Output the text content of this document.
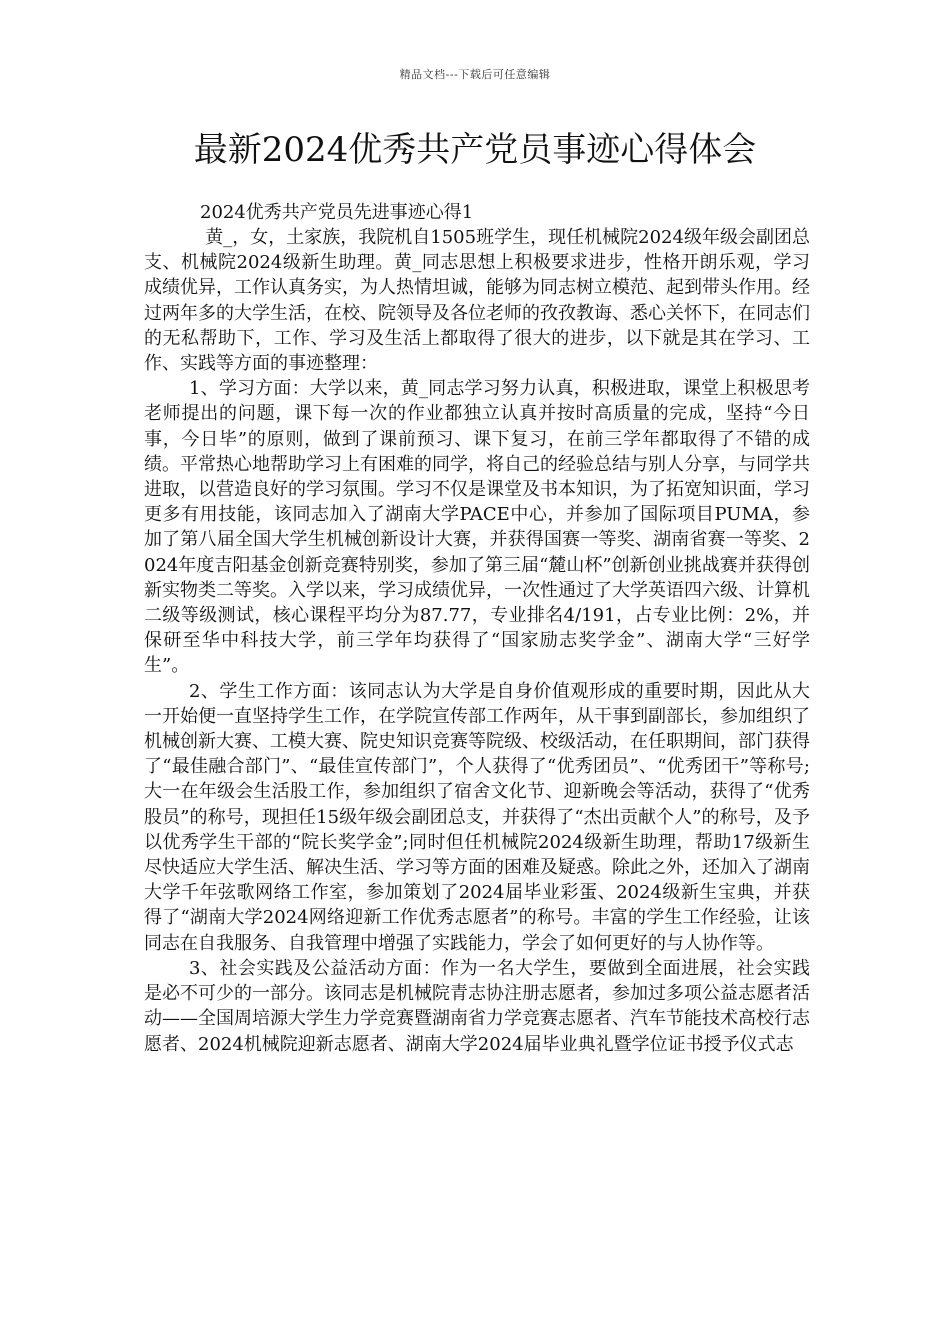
精品文档---下载后可任意编辑
最新2024优秀共产党员事迹心得体会

2024优秀共产党员先进事迹心得1

黄_，女，土家族，我院机自1505班学生，现任机械院2024级年级会副团总支、机械院2024级新生助理。黄_同志思想上积极要求进步，性格开朗乐观，学习成绩优异，工作认真务实，为人热情坦诚，能够为同志树立模范、起到带头作用。经过两年多的大学生活，在校、院领导及各位老师的孜孜教诲、悉心关怀下，在同志们的无私帮助下，工作、学习及生活上都取得了很大的进步，以下就是其在学习、工作、实践等方面的事迹整理：

1、学习方面：大学以来，黄_同志学习努力认真，积极进取，课堂上积极思考老师提出的问题，课下每一次的作业都独立认真并按时高质量的完成，坚持“今日事，今日毕”的原则，做到了课前预习、课下复习，在前三学年都取得了不错的成绩。平常热心地帮助学习上有困难的同学，将自己的经验总结与别人分享，与同学共进取，以营造良好的学习氛围。学习不仅是课堂及书本知识，为了拓宽知识面，学习更多有用技能，该同志加入了湖南大学PACE中心，并参加了国际项目PUMA，参加了第八届全国大学生机械创新设计大赛，并获得国赛一等奖、湖南省赛一等奖、2024年度吉阳基金创新竞赛特别奖，参加了第三届“麓山杯”创新创业挑战赛并获得创新实物类二等奖。入学以来，学习成绩优异，一次性通过了大学英语四六级、计算机二级等级测试，核心课程平均分为87.77，专业排名4/191，占专业比例：2%，并保研至华中科技大学，前三学年均获得了“国家励志奖学金”、湖南大学“三好学生”。

2、学生工作方面：该同志认为大学是自身价值观形成的重要时期，因此从大一开始便一直坚持学生工作，在学院宣传部工作两年，从干事到副部长，参加组织了机械创新大赛、工模大赛、院史知识竞赛等院级、校级活动，在任职期间，部门获得了“最佳融合部门”、“最佳宣传部门”，个人获得了“优秀团员”、“优秀团干”等称号;大一在年级会生活股工作，参加组织了宿舍文化节、迎新晚会等活动，获得了“优秀股员”的称号，现担任15级年级会副团总支，并获得了“杰出贡献个人”的称号，及予以优秀学生干部的“院长奖学金”;同时但任机械院2024级新生助理，帮助17级新生尽快适应大学生活、解决生活、学习等方面的困难及疑惑。除此之外，还加入了湖南大学千年弦歌网络工作室，参加策划了2024届毕业彩蛋、2024级新生宝典，并获得了“湖南大学2024网络迎新工作优秀志愿者”的称号。丰富的学生工作经验，让该同志在自我服务、自我管理中增强了实践能力，学会了如何更好的与人协作等。

3、社会实践及公益活动方面：作为一名大学生，要做到全面进展，社会实践是必不可少的一部分。该同志是机械院青志协注册志愿者，参加过多项公益志愿者活动——全国周培源大学生力学竞赛暨湖南省力学竞赛志愿者、汽车节能技术高校行志愿者、2024机械院迎新志愿者、湖南大学2024届毕业典礼暨学位证书授予仪式志
